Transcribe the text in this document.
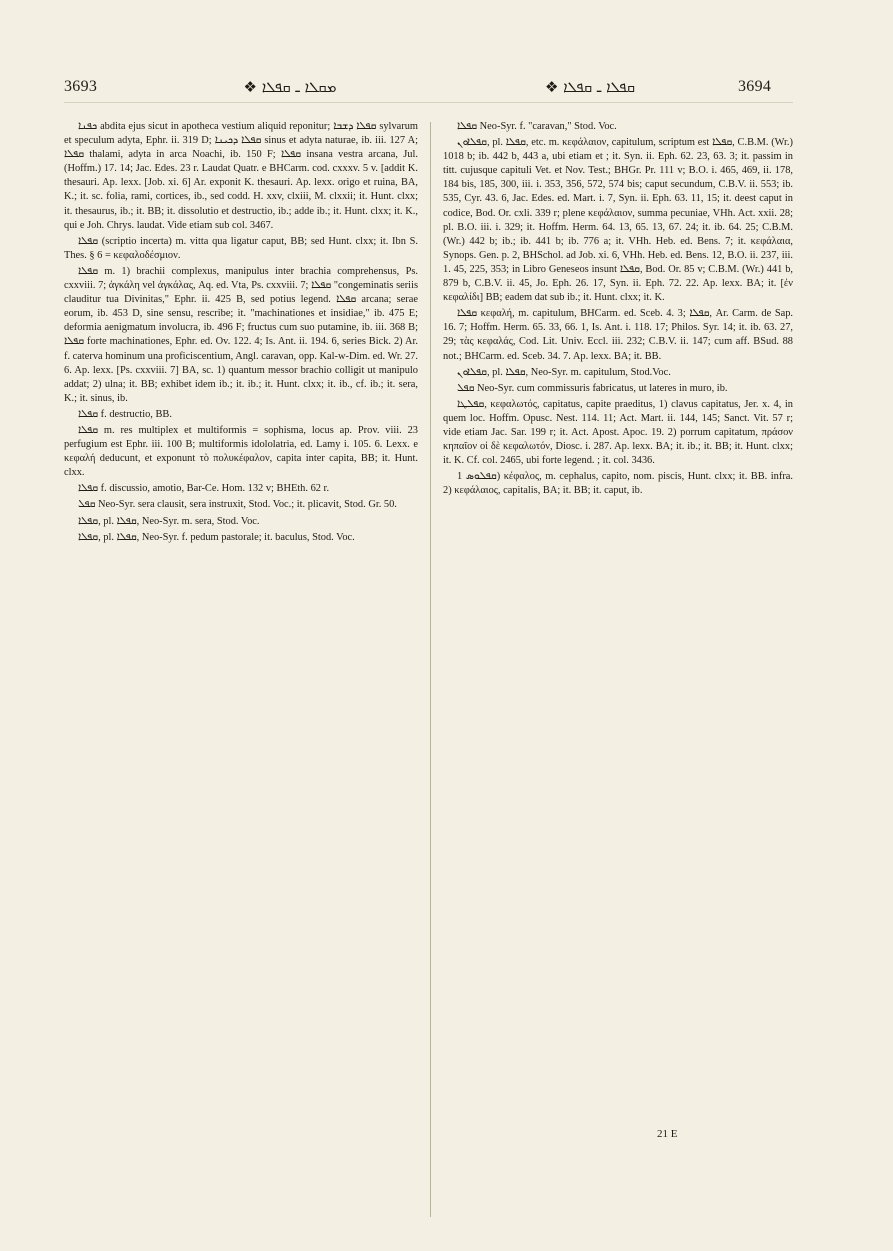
3693	❖ ܡܩܠܐ ـ ܩܦܠܐ	❖ ܩܦܠܐ ـ ܩܦܠܐ	3694

ܟܦܢܐ abdita ejus sicut in apotheca vestium aliquid reponitur; ܩܦܠܐ ܕܫܒܐ sylvarum et speculum adyta, Ephr. ii. 319 D; ܩܦܠܐ ܕܟܝܢܐ sinus et adyta naturae, ib. iii. 127 A; ܩܦܠܐ thalami, adyta in arca Noachi, ib. 150 F; ܩܦܠܐ insana vestra arcana, Jul. (Hoffm.) 17. 14; Jac. Edes. 23 r. Laudat Quatr. e BHCarm. cod. cxxxv. 5 v. [addit K. thesauri. Ap. lexx. [Job. xi. 6] Ar. exponit K. thesauri. Ap. lexx. origo et ruina, BA, K.; it. sc. folia, rami, cortices, ib., sed codd. H. xxv, clxiii, M. clxxii; it. Hunt. clxx; it. thesaurus, ib.; it. BB; it. dissolutio et destructio, ib.; adde ib.; it. Hunt. clxx; it. K., qui e Joh. Chrys. laudat. Vide etiam sub col. 3467.

ܩܦܠܐ (scriptio incerta) m. vitta qua ligatur caput, BB; sed Hunt. clxx; it. Ibn S. Thes. § 6 = κεφαλοδέσμιον.

ܩܦܠܐ m. 1) brachii complexus, manipulus inter brachia comprehensus, Ps. cxxviii. 7; ἀγκάλη vel ἀγκάλας, Aq. ed. Vta, Ps. cxxviii. 7; ܩܦܠܐ "congeminatis seriis clauditur tua Divinitas," Ephr. ii. 425 B, sed potius legend. ܩܦܠܐ arcana; serae eorum, ib. 453 D, sine sensu, rescribe; it. "machinationes et insidiae," ib. 475 E; deformia aenigmatum involucra, ib. 496 F; fructus cum suo putamine, ib. iii. 368 B; ܩܦܠܐ forte machinationes, Ephr. ed. Ov. 122. 4; Is. Ant. ii. 194. 6, series Bick. 2) Ar. f. caterva hominum una proficiscentium, Angl. caravan, opp. Kal-w-Dim. ed. Wr. 27. 6. Ap. lexx. [Ps. cxxviii. 7] BA, sc. 1) quantum messor brachio colligit ut manipulo addat; 2) ulna; it. BB; exhibet idem ib.; it. ib.; it. Hunt. clxx; it. ib., cf. ib.; it. sera, K.; it. sinus, ib.

ܩܦܠܐ f. destructio, BB.

ܩܦܠܐ m. res multiplex et multiformis = sophisma, locus ap. Prov. viii. 23 perfugium est Ephr. iii. 100 B; multiformis idololatria, ed. Lamy i. 105. 6. Lexx. e κεφαλή deducunt, et exponunt τὸ πολυκέφαλον, capita inter capita, BB; it. Hunt. clxx.

ܩܦܠܐ f. discussio, amotio, Bar-Ce. Hom. 132 v; BHEth. 62 r.

ܩܦܠ Neo-Syr. sera clausit, sera instruxit, Stod. Voc.; it. plicavit, Stod. Gr. 50.

ܩܦܠܐ, pl. ܩܦܠܐ, Neo-Syr. m. sera, Stod. Voc.

ܩܦܠܐ, pl. ܩܦܠܐ, Neo-Syr. f. pedum pastorale; it. baculus, Stod. Voc.

ܩܦܠܐ Neo-Syr. f. "caravan," Stod. Voc.

ܩܦܠܐܘܢ, pl. ܩܦܠܐ, etc. m. κεφάλαιον, capitulum, scriptum est ܩܦܠܐ, C.B.M. (Wr.) 1018 b; ib. 442 b, 443 a, ubi etiam et ; it. Syn. ii. Eph. 62. 23, 63. 3; it. passim in titt. cujusque capituli Vet. et Nov. Test.; BHGr. Pr. 111 v; B.O. i. 465, 469, ii. 178, 184 bis, 185, 300, iii. i. 353, 356, 572, 574 bis; caput secundum, C.B.V. ii. 553; ib. 535, Cyr. 43. 6, Jac. Edes. ed. Mart. i. 7, Syn. ii. Eph. 63. 11, 15; it. deest caput in codice, Bod. Or. cxli. 339 r; plene κεφάλαιον, summa pecuniae, VHh. Act. xxii. 28; pl. B.O. iii. i. 329; it. Hoffm. Herm. 64. 13, 65. 13, 67. 24; it. ib. 64. 25; C.B.M. (Wr.) 442 b; ib.; ib. 441 b; ib. 776 a; it. VHh. Heb. ed. Bens. 7; it. κεφάλαια, Synops. Gen. p. 2, BHSchol. ad Job. xi. 6, VHh. Heb. ed. Bens. 12, B.O. ii. 237, iii. 1. 45, 225, 353; in Libro Geneseos insunt ܩܦܠܐ, Bod. Or. 85 v; C.B.M. (Wr.) 441 b, 879 b, C.B.V. ii. 45, Jo. Eph. 26. 17, Syn. ii. Eph. 72. 22. Ap. lexx. BA; it. [ἐν κεφαλίδι] BB; eadem dat sub ib.; it. Hunt. clxx; it. K.

ܩܦܠܐ κεφαλή, m. capitulum, BHCarm. ed. Sceb. 4. 3; ܩܦܠܐ, Ar. Carm. de Sap. 16. 7; Hoffm. Herm. 65. 33, 66. 1, Is. Ant. i. 118. 17; Philos. Syr. 14; it. ib. 63. 27, 29; τὰς κεφαλάς, Cod. Lit. Univ. Eccl. iii. 232; C.B.V. ii. 147; cum aff. BSud. 88 not.; BHCarm. ed. Sceb. 34. 7. Ap. lexx. BA; it. BB.

ܩܦܠܐܘܢ, pl. ܩܦܠܐ, Neo-Syr. m. capitulum, Stod.Voc.

ܩܦܠ Neo-Syr. cum commissuris fabricatus, ut lateres in muro, ib.

ܩܦܠܛܐ, κεφαλωτός, capitatus, capite praeditus, 1) clavus capitatus, Jer. x. 4, in quem loc. Hoffm. Opusc. Nest. 114. 11; Act. Mart. ii. 144, 145; Sanct. Vit. 57 r; vide etiam Jac. Sar. 199 r; it. Act. Apost. Apoc. 19. 2) porrum capitatum, πράσον κηπαῖον οἱ δὲ κεφαλωτόν, Diosc. i. 287. Ap. lexx. BA; it. ib.; it. BB; it. Hunt. clxx; it. K. Cf. col. 2465, ubi forte legend. ; it. col. 3436.

ܩܦܠܘܣ 1) κέφαλος, m. cephalus, capito, nom. piscis, Hunt. clxx; it. BB. infra. 2) κεφάλαιος, capitalis, BA; it. BB; it. caput, ib.

21 E
